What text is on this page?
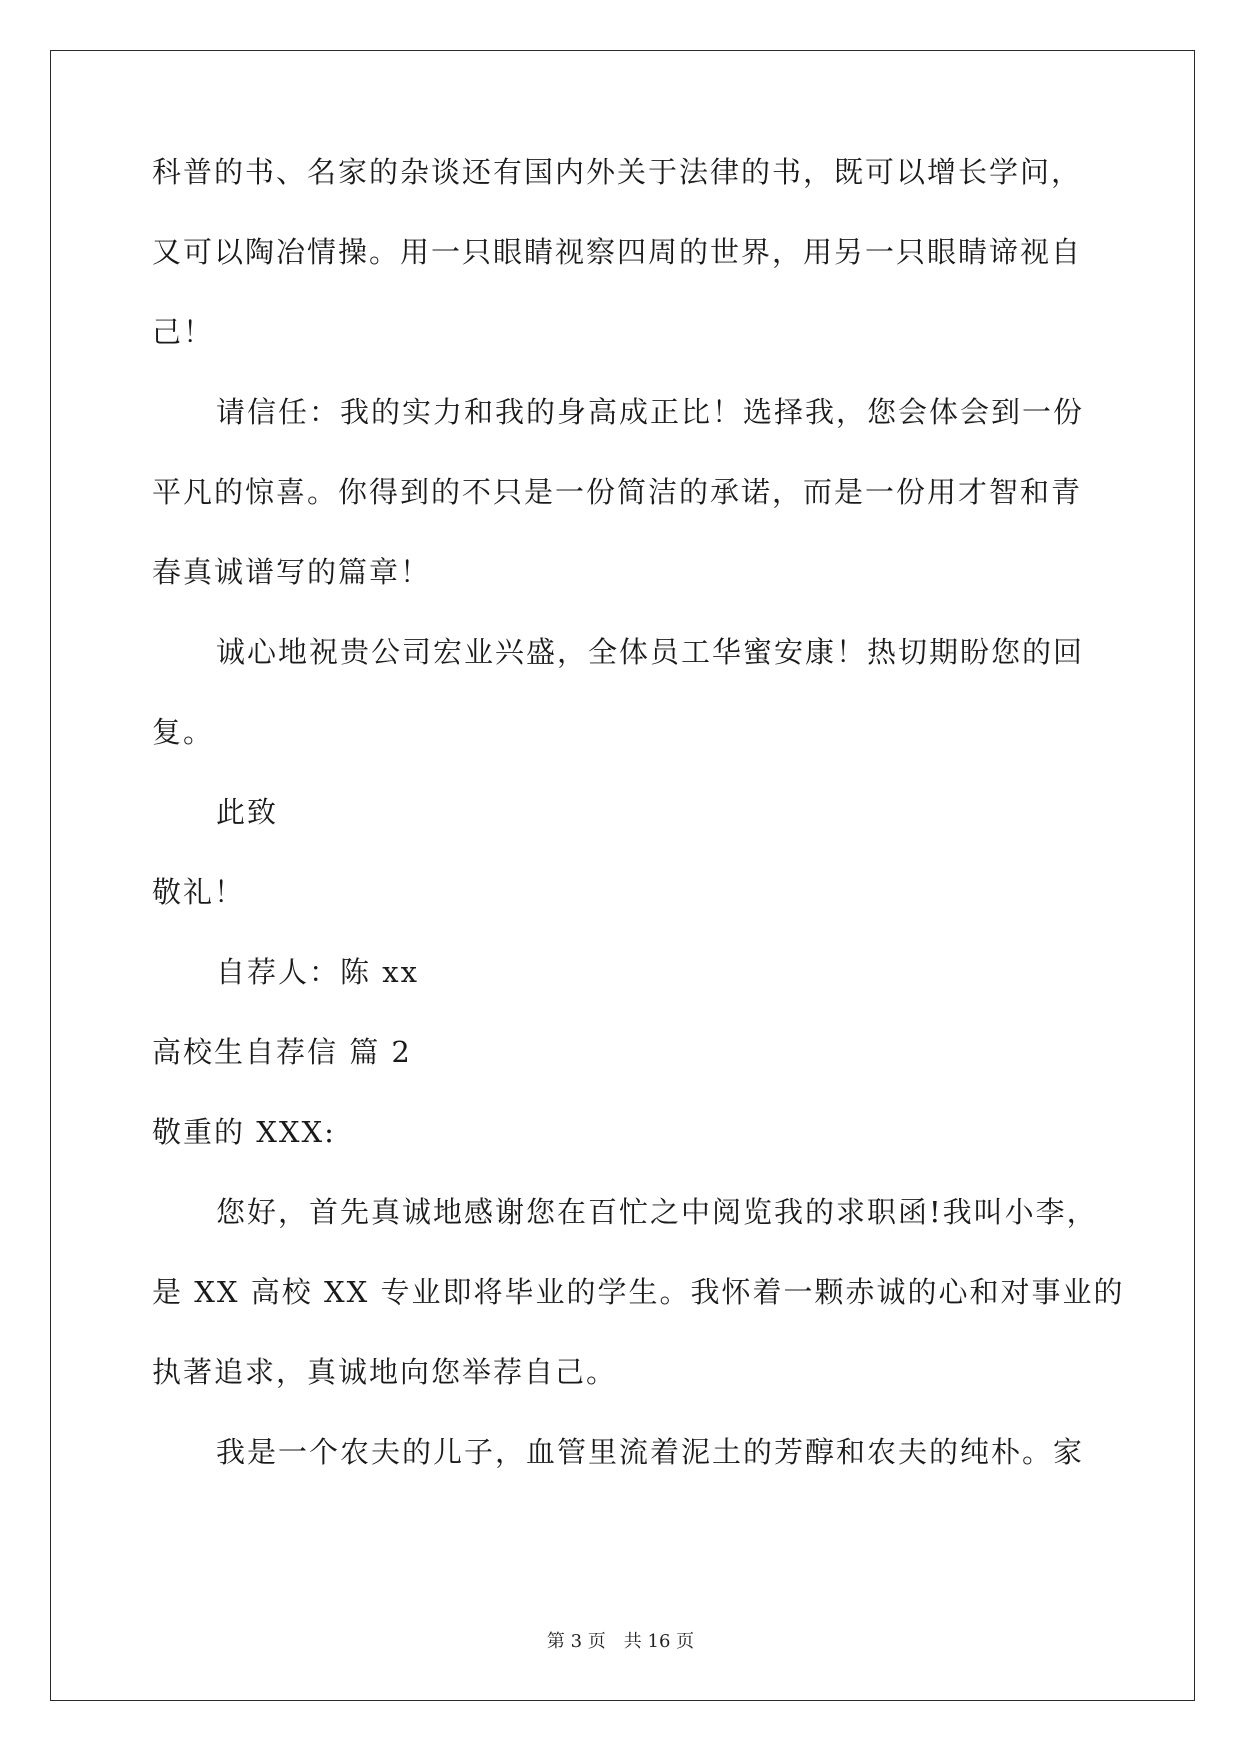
科普的书、名家的杂谈还有国内外关于法律的书，既可以增长学问，
又可以陶冶情操。用一只眼睛视察四周的世界，用另一只眼睛谛视自
己！
请信任：我的实力和我的身高成正比！选择我，您会体会到一份
平凡的惊喜。你得到的不只是一份简洁的承诺，而是一份用才智和青
春真诚谱写的篇章！
诚心地祝贵公司宏业兴盛，全体员工华蜜安康！热切期盼您的回
复。
此致
敬礼！
自荐人：陈 xx
高校生自荐信 篇 2
敬重的 XXX:
您好，首先真诚地感谢您在百忙之中阅览我的求职函!我叫小李，
是 XX 高校 XX 专业即将毕业的学生。我怀着一颗赤诚的心和对事业的
执著追求，真诚地向您举荐自己。
我是一个农夫的儿子，血管里流着泥土的芳醇和农夫的纯朴。家
第 3 页 共 16 页
